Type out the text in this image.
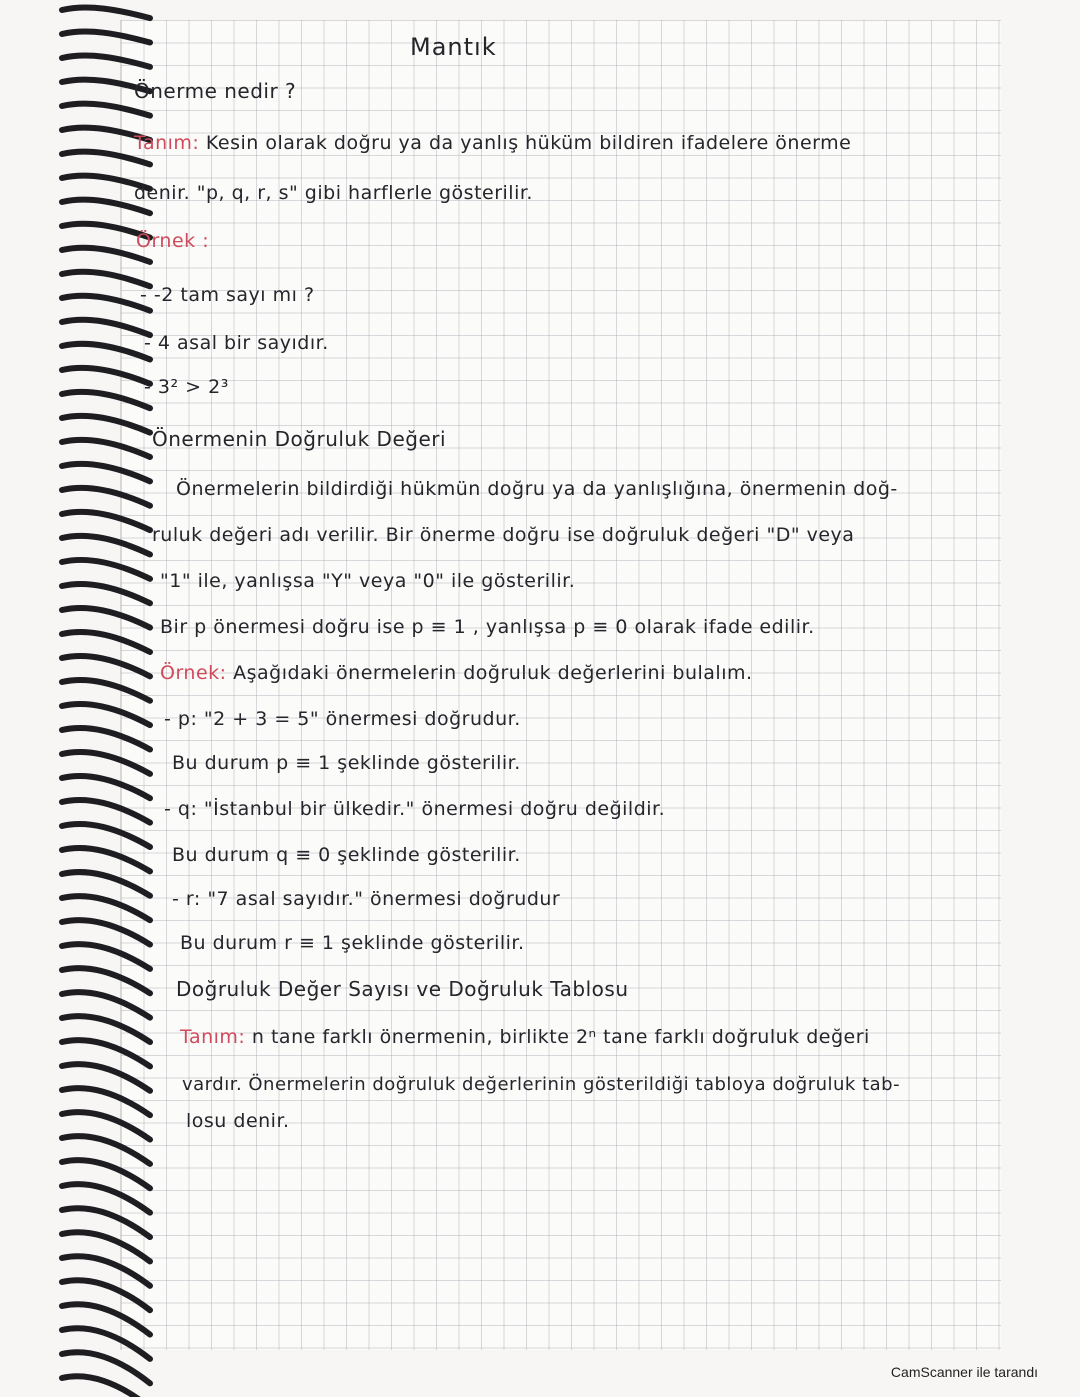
Mantık

Önerme nedir ?

Tanım: Kesin olarak doğru ya da yanlış hüküm bildiren ifadelere önerme

denir. "p, q, r, s" gibi harflerle gösterilir.

Örnek :

- -2 tam sayı mı ?

- 4 asal bir sayıdır.

- 3² > 2³

Önermenin Doğruluk Değeri

Önermelerin bildirdiği hükmün doğru ya da yanlışlığına, önermenin doğ-

ruluk değeri adı verilir. Bir önerme doğru ise doğruluk değeri "D" veya

"1" ile, yanlışsa "Y" veya "0" ile gösterilir.

Bir p önermesi doğru ise p ≡ 1 , yanlışsa p ≡ 0 olarak ifade edilir.

Örnek: Aşağıdaki önermelerin doğruluk değerlerini bulalım.

- p: "2 + 3 = 5" önermesi doğrudur.

Bu durum p ≡ 1 şeklinde gösterilir.

- q: "İstanbul bir ülkedir." önermesi doğru değildir.

Bu durum q ≡ 0 şeklinde gösterilir.

- r: "7 asal sayıdır." önermesi doğrudur

Bu durum r ≡ 1 şeklinde gösterilir.

Doğruluk Değer Sayısı ve Doğruluk Tablosu

Tanım: n tane farklı önermenin, birlikte 2ⁿ tane farklı doğruluk değeri

vardır. Önermelerin doğruluk değerlerinin gösterildiği tabloya doğruluk tab-

losu denir.

CamScanner ile tarandı
